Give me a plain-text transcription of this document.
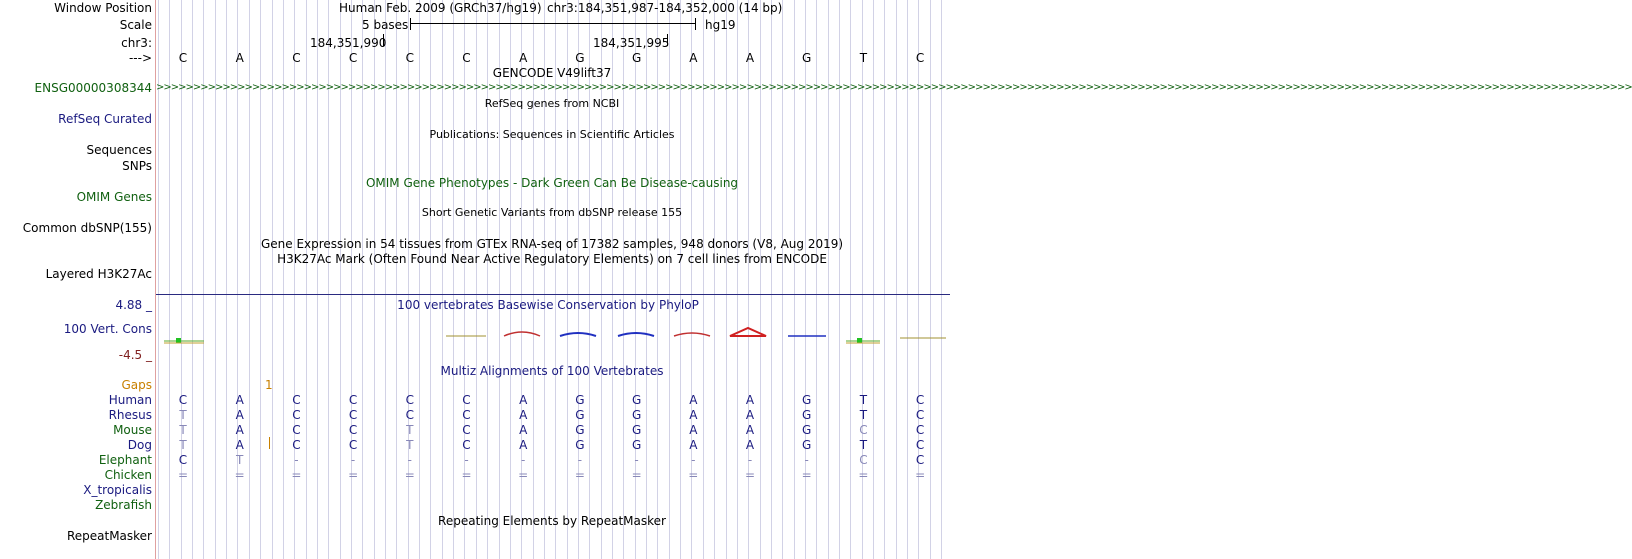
Window Position	Human Feb. 2009 (GRCh37/hg19) chr3:184,351,987-184,352,000 (14 bp)
Scale	5 bases	hg19
chr3:	184,351,990	184,351,995
--->	C	A	C	C	C	C	A	G	G	A	A	G	T	C
GENCODE V49lift37
ENSG00000308344 >>>>>>>>>>>>>>>>>>>>>>>>>>>>>>>>>>>>>>>>>>>>>>>>>>>>>>>>>>>>>>>>>>>>>>>>>>>>>>>>>>>>>>>>>>>>>>>>>>>>>>>>>>>>>>>>>>>>>>>>>>>>>>>>>>>>>>>>>>>>>>>>>>>>>>>>>>>>>>>>>>>>>>>>>>>>>>>>>>>>>>>>>>>>>>>>>>>>>>>>
RefSeq genes from NCBI
RefSeq Curated
Publications: Sequences in Scientific Articles
Sequences
SNPs
OMIM Gene Phenotypes - Dark Green Can Be Disease-causing
OMIM Genes
Short Genetic Variants from dbSNP release 155
Common dbSNP(155)
Gene Expression in 54 tissues from GTEx RNA-seq of 17382 samples, 948 donors (V8, Aug 2019)
H3K27Ac Mark (Often Found Near Active Regulatory Elements) on 7 cell lines from ENCODE
Layered H3K27Ac
4.88 _	100 vertebrates Basewise Conservation by PhyloP
100 Vert. Cons
-4.5 _
Multiz Alignments of 100 Vertebrates
Gaps	1
Human	C	A	C	C	C	C	A	G	G	A	A	G	T	C
Rhesus	T	A	C	C	C	C	A	G	G	A	A	G	T	C
Mouse	T	A	C	C	T	C	A	G	G	A	A	G	C	C
Dog	T	A	C	C	T	C	A	G	G	A	A	G	T	C
Elephant	C	T	-	-	-	-	-	-	-	-	-	-	C	C
Chicken	=	=	=	=	=	=	=	=	=	=	=	=	=	=
X_tropicalis
Zebrafish
Repeating Elements by RepeatMasker
RepeatMasker
